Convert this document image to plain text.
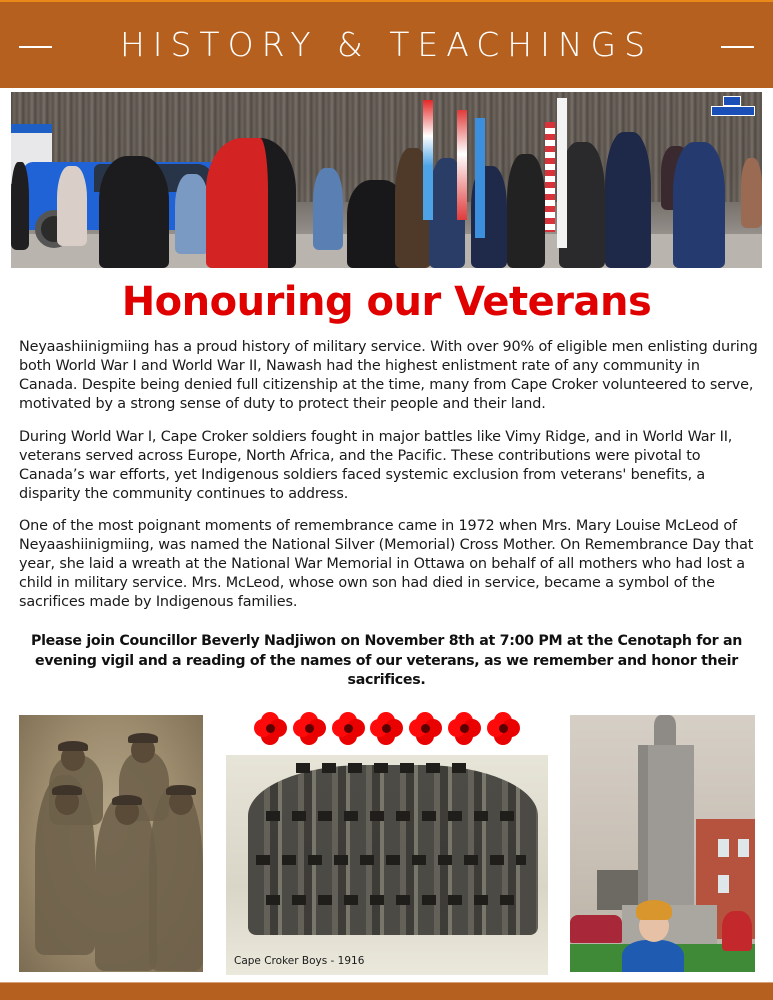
HISTORY & TEACHINGS
Honouring our Veterans

Neyaashiinigmiing has a proud history of military service. With over 90% of eligible men enlisting during both World War I and World War II, Nawash had the highest enlistment rate of any community in Canada. Despite being denied full citizenship at the time, many from Cape Croker volunteered to serve, motivated by a strong sense of duty to protect their people and their land.

During World War I, Cape Croker soldiers fought in major battles like Vimy Ridge, and in World War II, veterans served across Europe, North Africa, and the Pacific. These contributions were pivotal to Canada’s war efforts, yet Indigenous soldiers faced systemic exclusion from veterans' benefits, a disparity the community continues to address.

One of the most poignant moments of remembrance came in 1972 when Mrs. Mary Louise McLeod of Neyaashiinigmiing, was named the National Silver (Memorial) Cross Mother. On Remembrance Day that year, she laid a wreath at the National War Memorial in Ottawa on behalf of all mothers who had lost a child in military service. Mrs. McLeod, whose own son had died in service, became a symbol of the sacrifices made by Indigenous families.

Please join Councillor Beverly Nadjiwon on November 8th at 7:00 PM at the Cenotaph for an evening vigil and a reading of the names of our veterans, as we remember and honor their sacrifices.

Cape Croker Boys - 1916
